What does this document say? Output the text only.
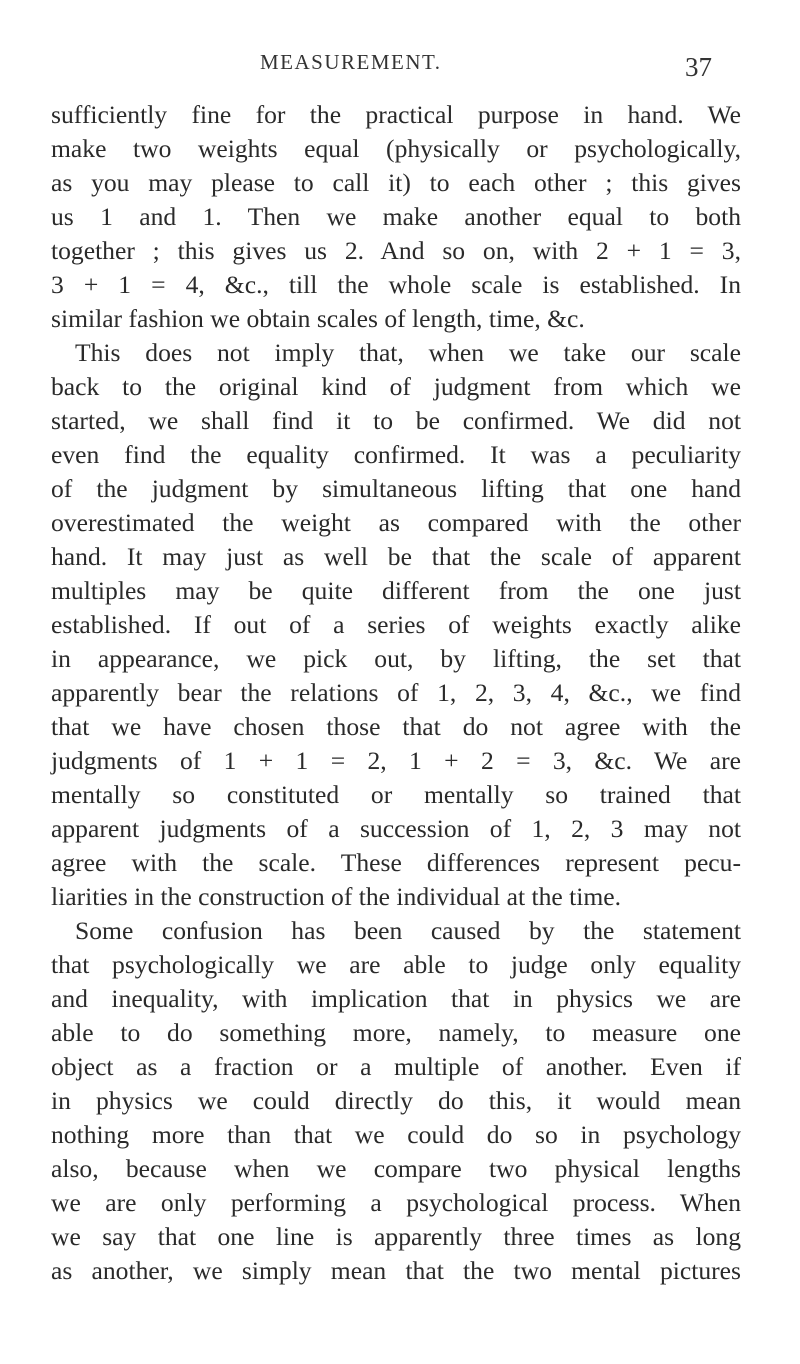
MEASUREMENT.	37
sufficiently fine for the practical purpose in hand. We
make two weights equal (physically or psychologically,
as you may please to call it) to each other ; this gives
us 1 and 1. Then we make another equal to both
together ; this gives us 2. And so on, with 2 + 1 = 3,
3 + 1 = 4, &c., till the whole scale is established. In
similar fashion we obtain scales of length, time, &c.
This does not imply that, when we take our scale
back to the original kind of judgment from which we
started, we shall find it to be confirmed. We did not
even find the equality confirmed. It was a peculiarity
of the judgment by simultaneous lifting that one hand
overestimated the weight as compared with the other
hand. It may just as well be that the scale of apparent
multiples may be quite different from the one just
established. If out of a series of weights exactly alike
in appearance, we pick out, by lifting, the set that
apparently bear the relations of 1, 2, 3, 4, &c., we find
that we have chosen those that do not agree with the
judgments of 1 + 1 = 2, 1 + 2 = 3, &c. We are
mentally so constituted or mentally so trained that
apparent judgments of a succession of 1, 2, 3 may not
agree with the scale. These differences represent pecu-
liarities in the construction of the individual at the time.
Some confusion has been caused by the statement
that psychologically we are able to judge only equality
and inequality, with implication that in physics we are
able to do something more, namely, to measure one
object as a fraction or a multiple of another. Even if
in physics we could directly do this, it would mean
nothing more than that we could do so in psychology
also, because when we compare two physical lengths
we are only performing a psychological process. When
we say that one line is apparently three times as long
as another, we simply mean that the two mental pictures
